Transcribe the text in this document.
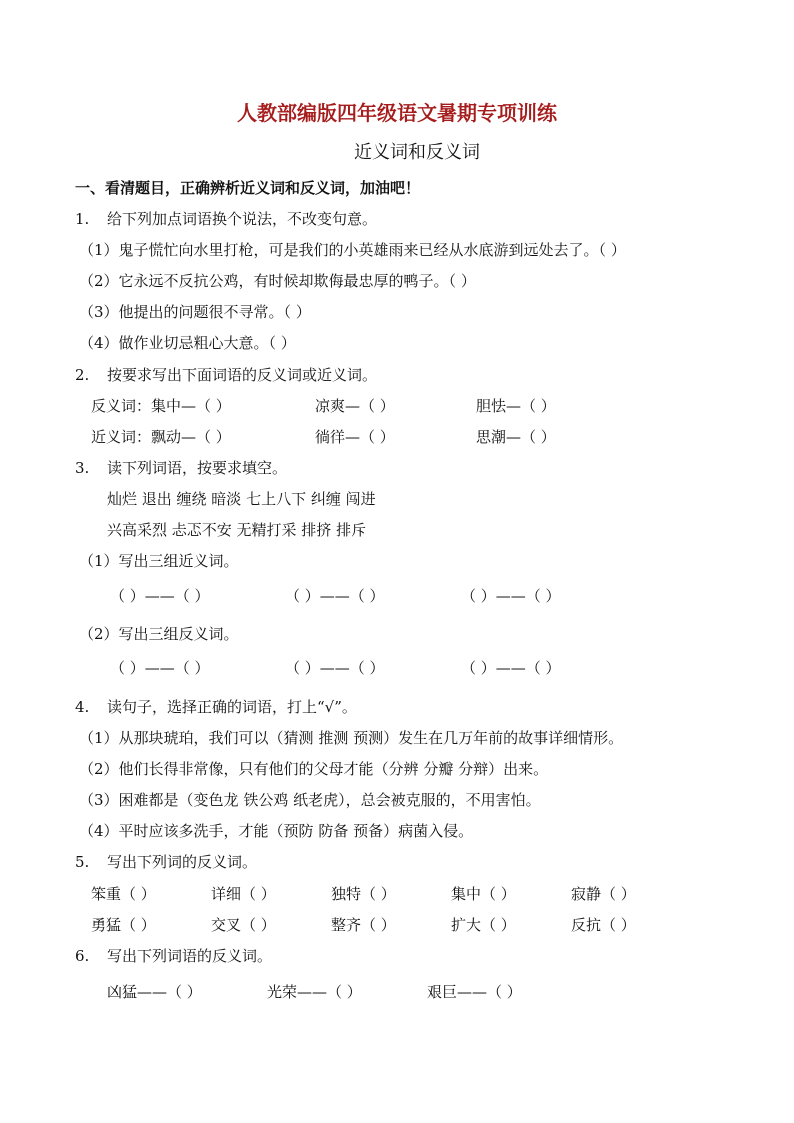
人教部编版四年级语文暑期专项训练
近义词和反义词
一、看清题目，正确辨析近义词和反义词，加油吧！
1. 给下列加点词语换个说法，不改变句意。
（1）鬼子慌忙向水里打枪，可是我们的小英雄雨来已经从水底游到远处去了。（ ）
（2）它永远不反抗公鸡，有时候却欺侮最忠厚的鸭子。（ ）
（3）他提出的问题很不寻常。（ ）
（4）做作业切忌粗心大意。（ ）
2. 按要求写出下面词语的反义词或近义词。
反义词：集中—（ ）	凉爽—（ ）	胆怯—（ ）
近义词：飘动—（ ）	徜徉—（ ）	思潮—（ ）
3. 读下列词语，按要求填空。
灿烂 退出 缠绕 暗淡 七上八下 纠缠 闯进
兴高采烈 忐忑不安 无精打采 排挤 排斥
（1）写出三组近义词。
（ ）——（ ）	（ ）——（ ）	（ ）——（ ）
（2）写出三组反义词。
（ ）——（ ）	（ ）——（ ）	（ ）——（ ）
4. 读句子，选择正确的词语，打上“√”。
（1）从那块琥珀，我们可以（猜测 推测 预测）发生在几万年前的故事详细情形。
（2）他们长得非常像，只有他们的父母才能（分辨 分瓣 分辩）出来。
（3）困难都是（变色龙 铁公鸡 纸老虎），总会被克服的，不用害怕。
（4）平时应该多洗手，才能（预防 防备 预备）病菌入侵。
5. 写出下列词的反义词。
笨重（ ）	详细（ ）	独特（ ）	集中（ ）	寂静（ ）
勇猛（ ）	交叉（ ）	整齐（ ）	扩大（ ）	反抗（ ）
6. 写出下列词语的反义词。
凶猛——（ ）	光荣——（ ）	艰巨——（ ）
